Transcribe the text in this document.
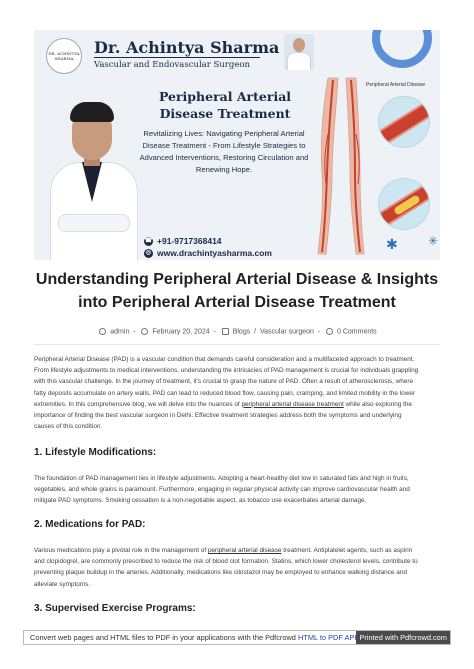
DR. ACHINTYA SHARMA
Dr. Achintya Sharma
Vascular and Endovascular Surgeon
Peripheral Arterial Disease Treatment
Revitalizing Lives: Navigating Peripheral Arterial Disease Treatment - From Lifestyle Strategies to Advanced Interventions, Restoring Circulation and Renewing Hope.
☎ +91-9717368414
◎ www.drachintyasharma.com
Peripheral Arterial Disease
✱	✳
Understanding Peripheral Arterial Disease & Insights into Peripheral Arterial Disease Treatment
admin  -   February 20, 2024  -   Blogs  /  Vascular surgeon  -   0 Comments
Peripheral Arterial Disease (PAD) is a vascular condition that demands careful consideration and a multifaceted approach to treatment.
From lifestyle adjustments to medical interventions, understanding the intricacies of PAD management is crucial for individuals grappling
with this vascular challenge. In the journey of treatment, it's crucial to grasp the nature of PAD. Often a result of atherosclerosis, where
fatty deposits accumulate on artery walls, PAD can lead to reduced blood flow, causing pain, cramping, and limited mobility in the lower
extremities. In this comprehensive blog, we will delve into the nuances of peripheral arterial disease treatment while also exploring the
importance of finding the best vascular surgeon in Delhi. Effective treatment strategies address both the symptoms and underlying
causes of this condition.
1. Lifestyle Modifications:
The foundation of PAD management lies in lifestyle adjustments. Adopting a heart-healthy diet low in saturated fats and high in fruits,
vegetables, and whole grains is paramount. Furthermore, engaging in regular physical activity can improve cardiovascular health and
mitigate PAD symptoms. Smoking cessation is a non-negotiable aspect, as tobacco use exacerbates arterial damage.
2. Medications for PAD:
Various medications play a pivotal role in the management of peripheral arterial disease treatment. Antiplatelet agents, such as aspirin
and clopidogrel, are commonly prescribed to reduce the risk of blood clot formation. Statins, which lower cholesterol levels, contribute to
preventing plaque buildup in the arteries. Additionally, medications like cilostazol may be employed to enhance walking distance and
alleviate symptoms.
3. Supervised Exercise Programs:
Convert web pages and HTML files to PDF in your applications with the Pdfcrowd HTML to PDF API Printed with Pdfcrowd.com
